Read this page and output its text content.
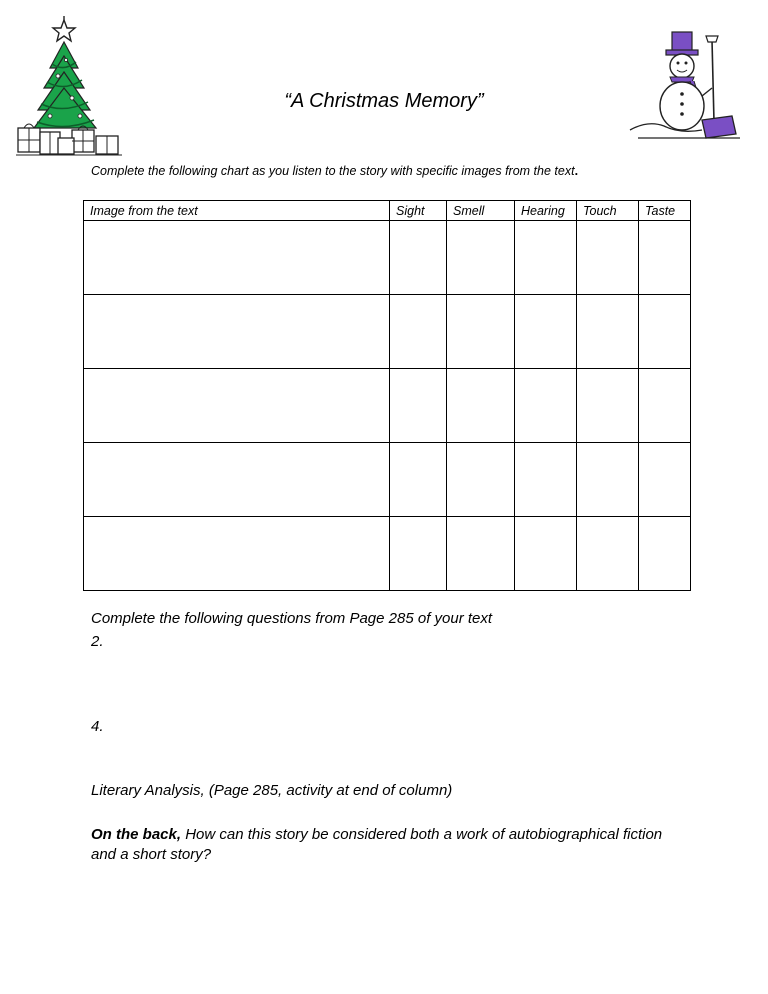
“A Christmas Memory”
Complete the following chart as you listen to the story with specific images from the text.
Image from the text	Sight	Smell	Hearing	Touch	Taste

Complete the following questions from Page 285 of your text
2.
4.
Literary Analysis, (Page 285, activity at end of column)
On the back, How can this story be considered both a work of autobiographical fiction and a short story?
